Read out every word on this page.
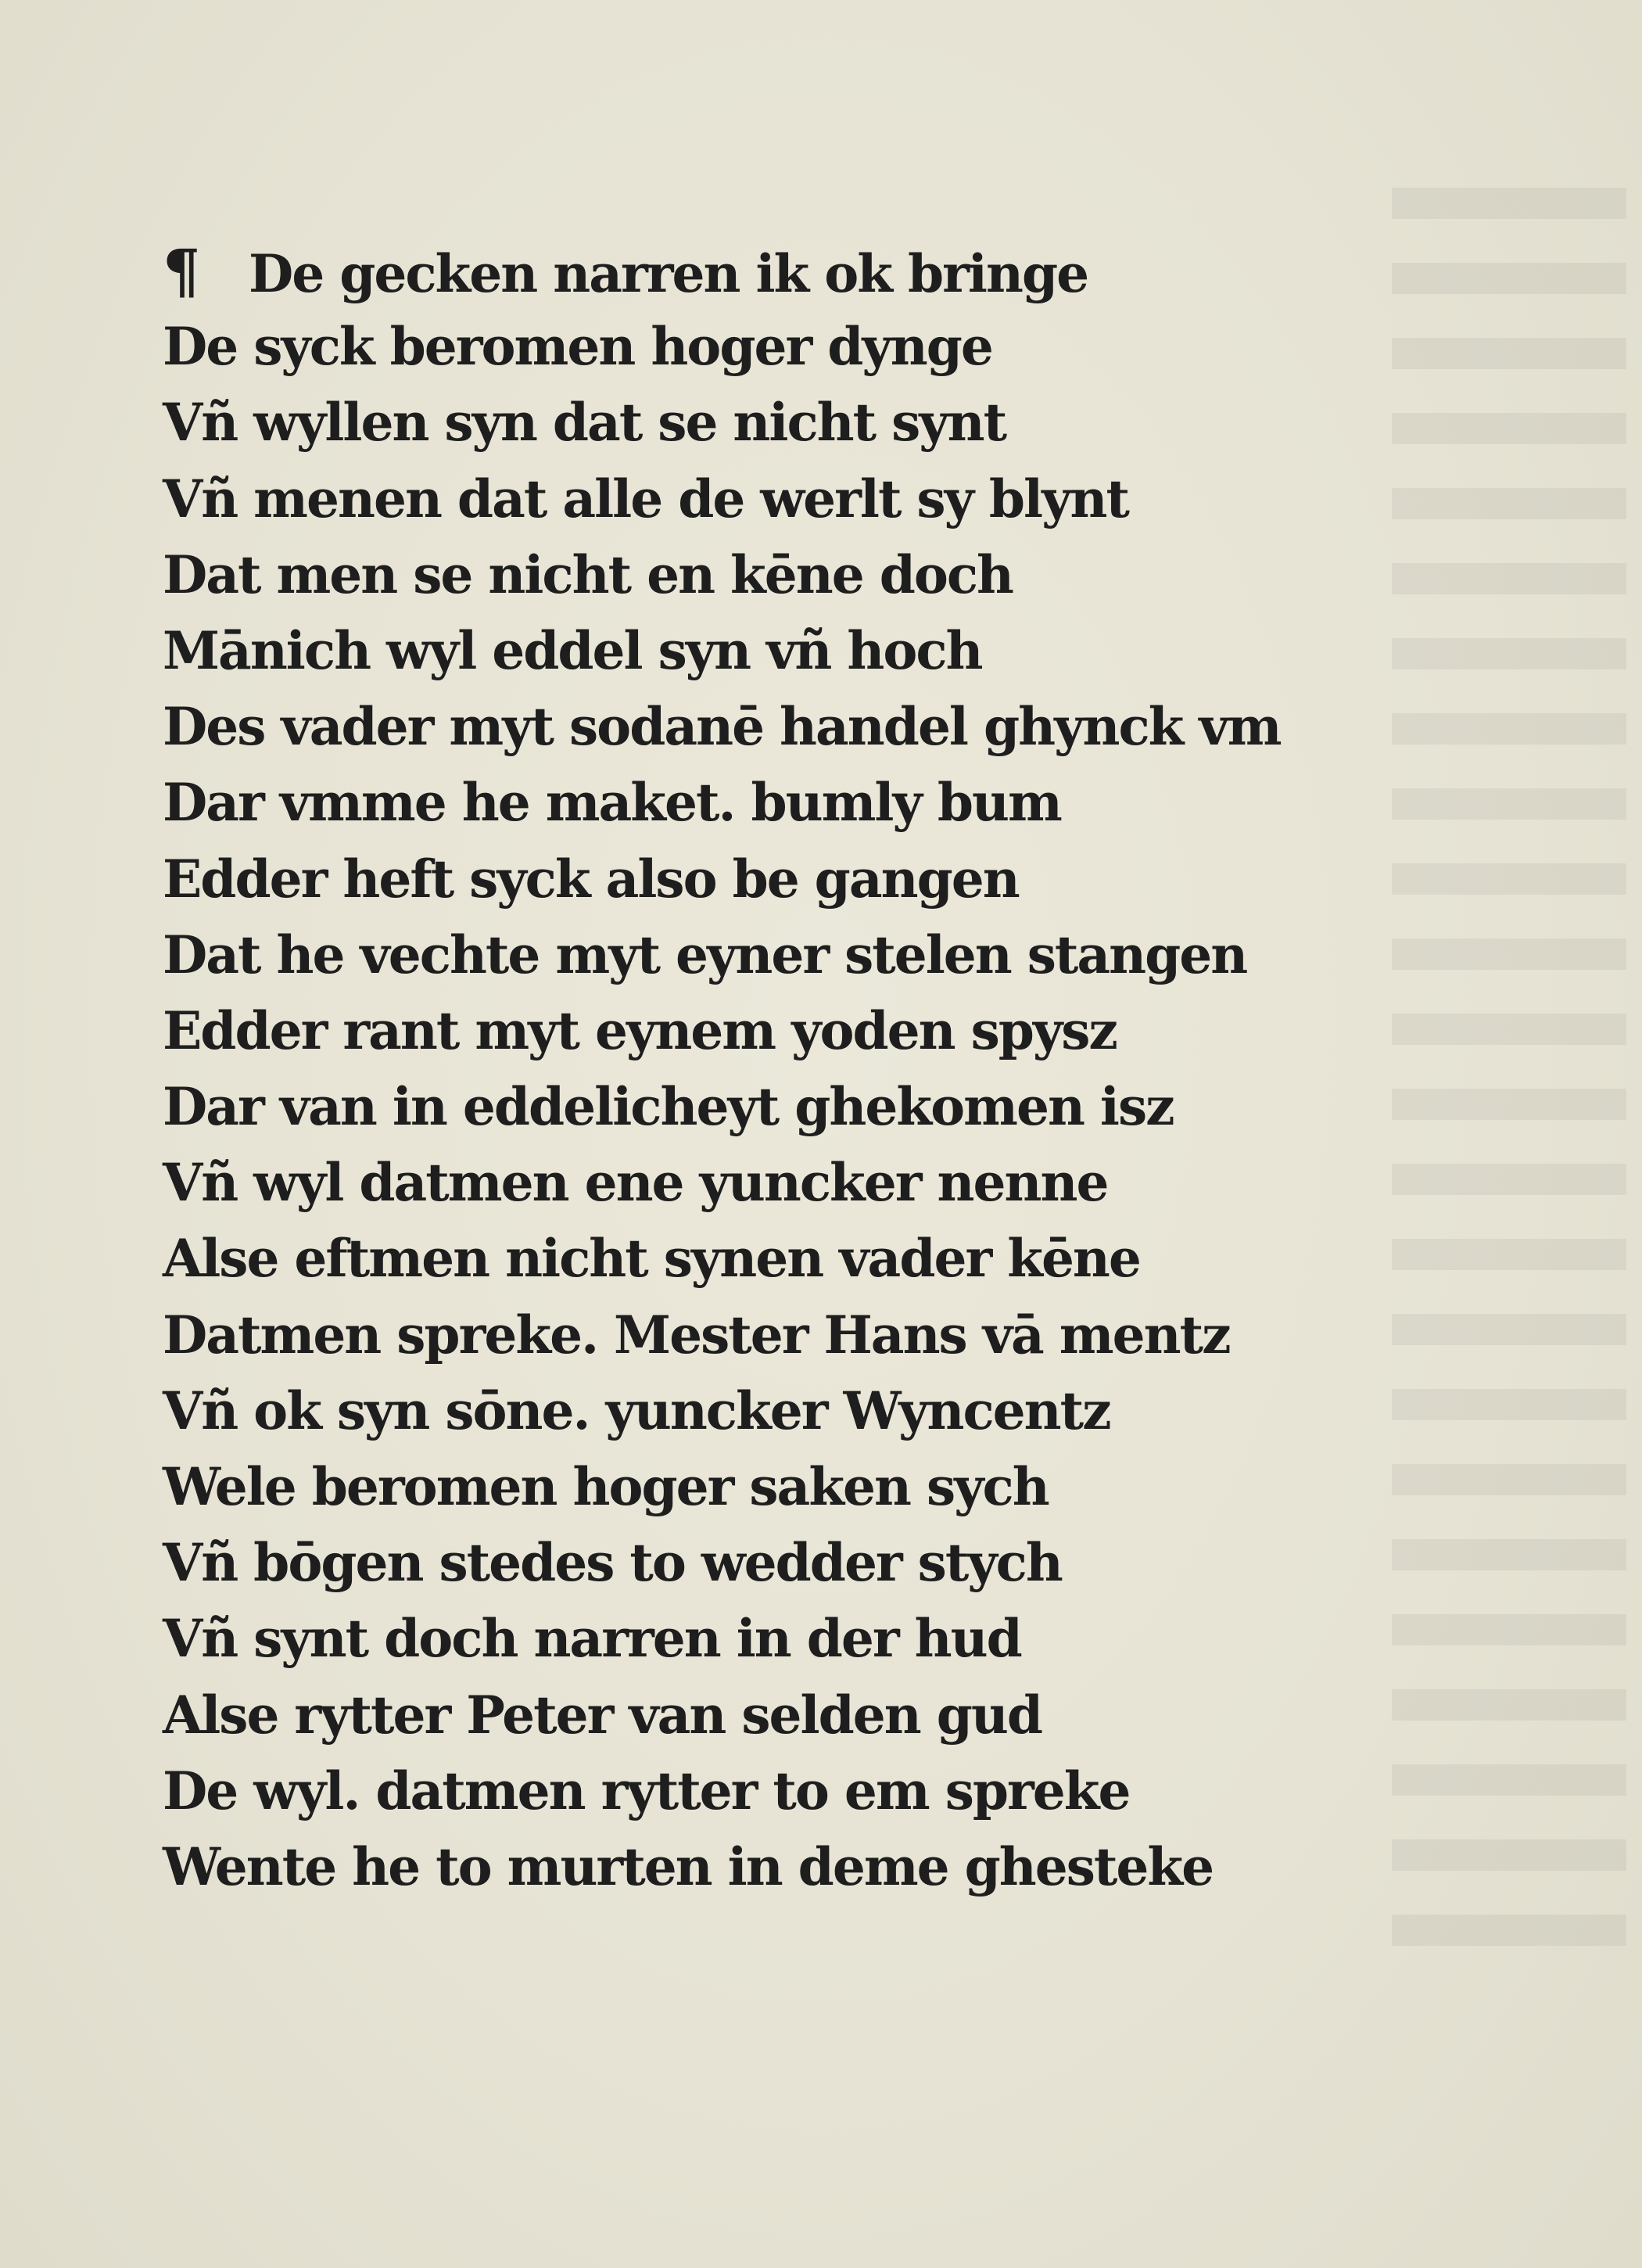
¶ De gecken narren ik ok bringe
De syck beromen hoger dynge
Vñ wyllen syn dat se nicht synt
Vñ menen dat alle de werlt sy blynt
Dat men se nicht en kēne doch
Mānich wyl eddel syn vñ hoch
Des vader myt sodanē handel ghynck vm
Dar vmme he maket. bumly bum
Edder heft syck also be gangen
Dat he vechte myt eyner stelen stangen
Edder rant myt eynem yoden spysz
Dar van in eddelicheyt ghekomen isz
Vñ wyl datmen ene yuncker nenne
Alse eftmen nicht synen vader kēne
Datmen spreke. Mester Hans vā mentz
Vñ ok syn sōne. yuncker Wyncentz
Wele beromen hoger saken sych
Vñ bōgen stedes to wedder stych
Vñ synt doch narren in der hud
Alse rytter Peter van selden gud
De wyl. datmen rytter to em spreke
Wente he to murten in deme ghesteke
